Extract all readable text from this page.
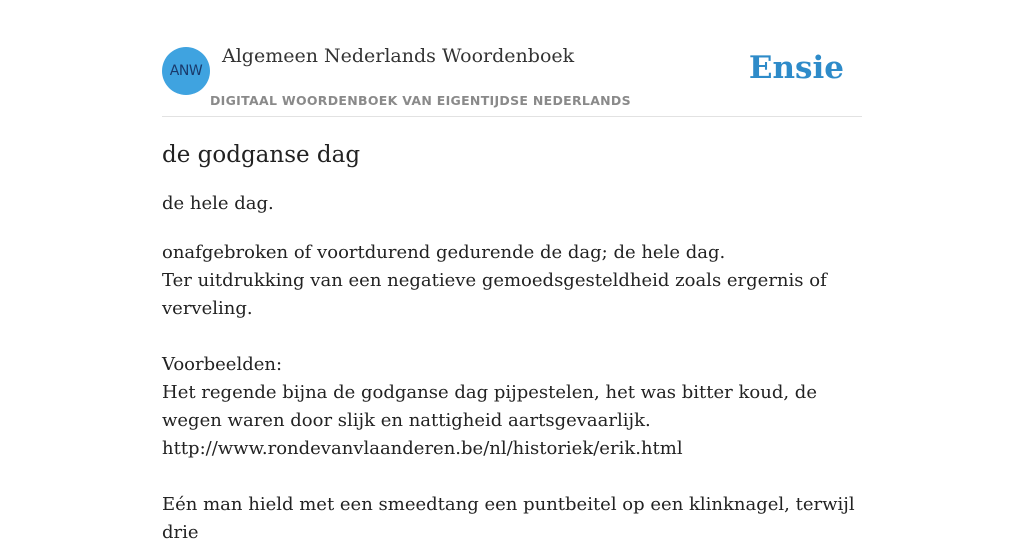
ANW
Algemeen Nederlands Woordenboek
DIGITAAL WOORDENBOEK VAN EIGENTIJDSE NEDERLANDS
Ensie
de godganse dag

de hele dag.

onafgebroken of voortdurend gedurende de dag; de hele dag.

Ter uitdrukking van een negatieve gemoedsgesteldheid zoals ergernis of verveling.

Voorbeelden:

Het regende bijna de godganse dag pijpestelen, het was bitter koud, de wegen waren door slijk en nattigheid aartsgevaarlijk.

http://www.rondevanvlaanderen.be/nl/historiek/erik.html

Eén man hield met een smeedtang een puntbeitel op een klinknagel, terwijl drie
